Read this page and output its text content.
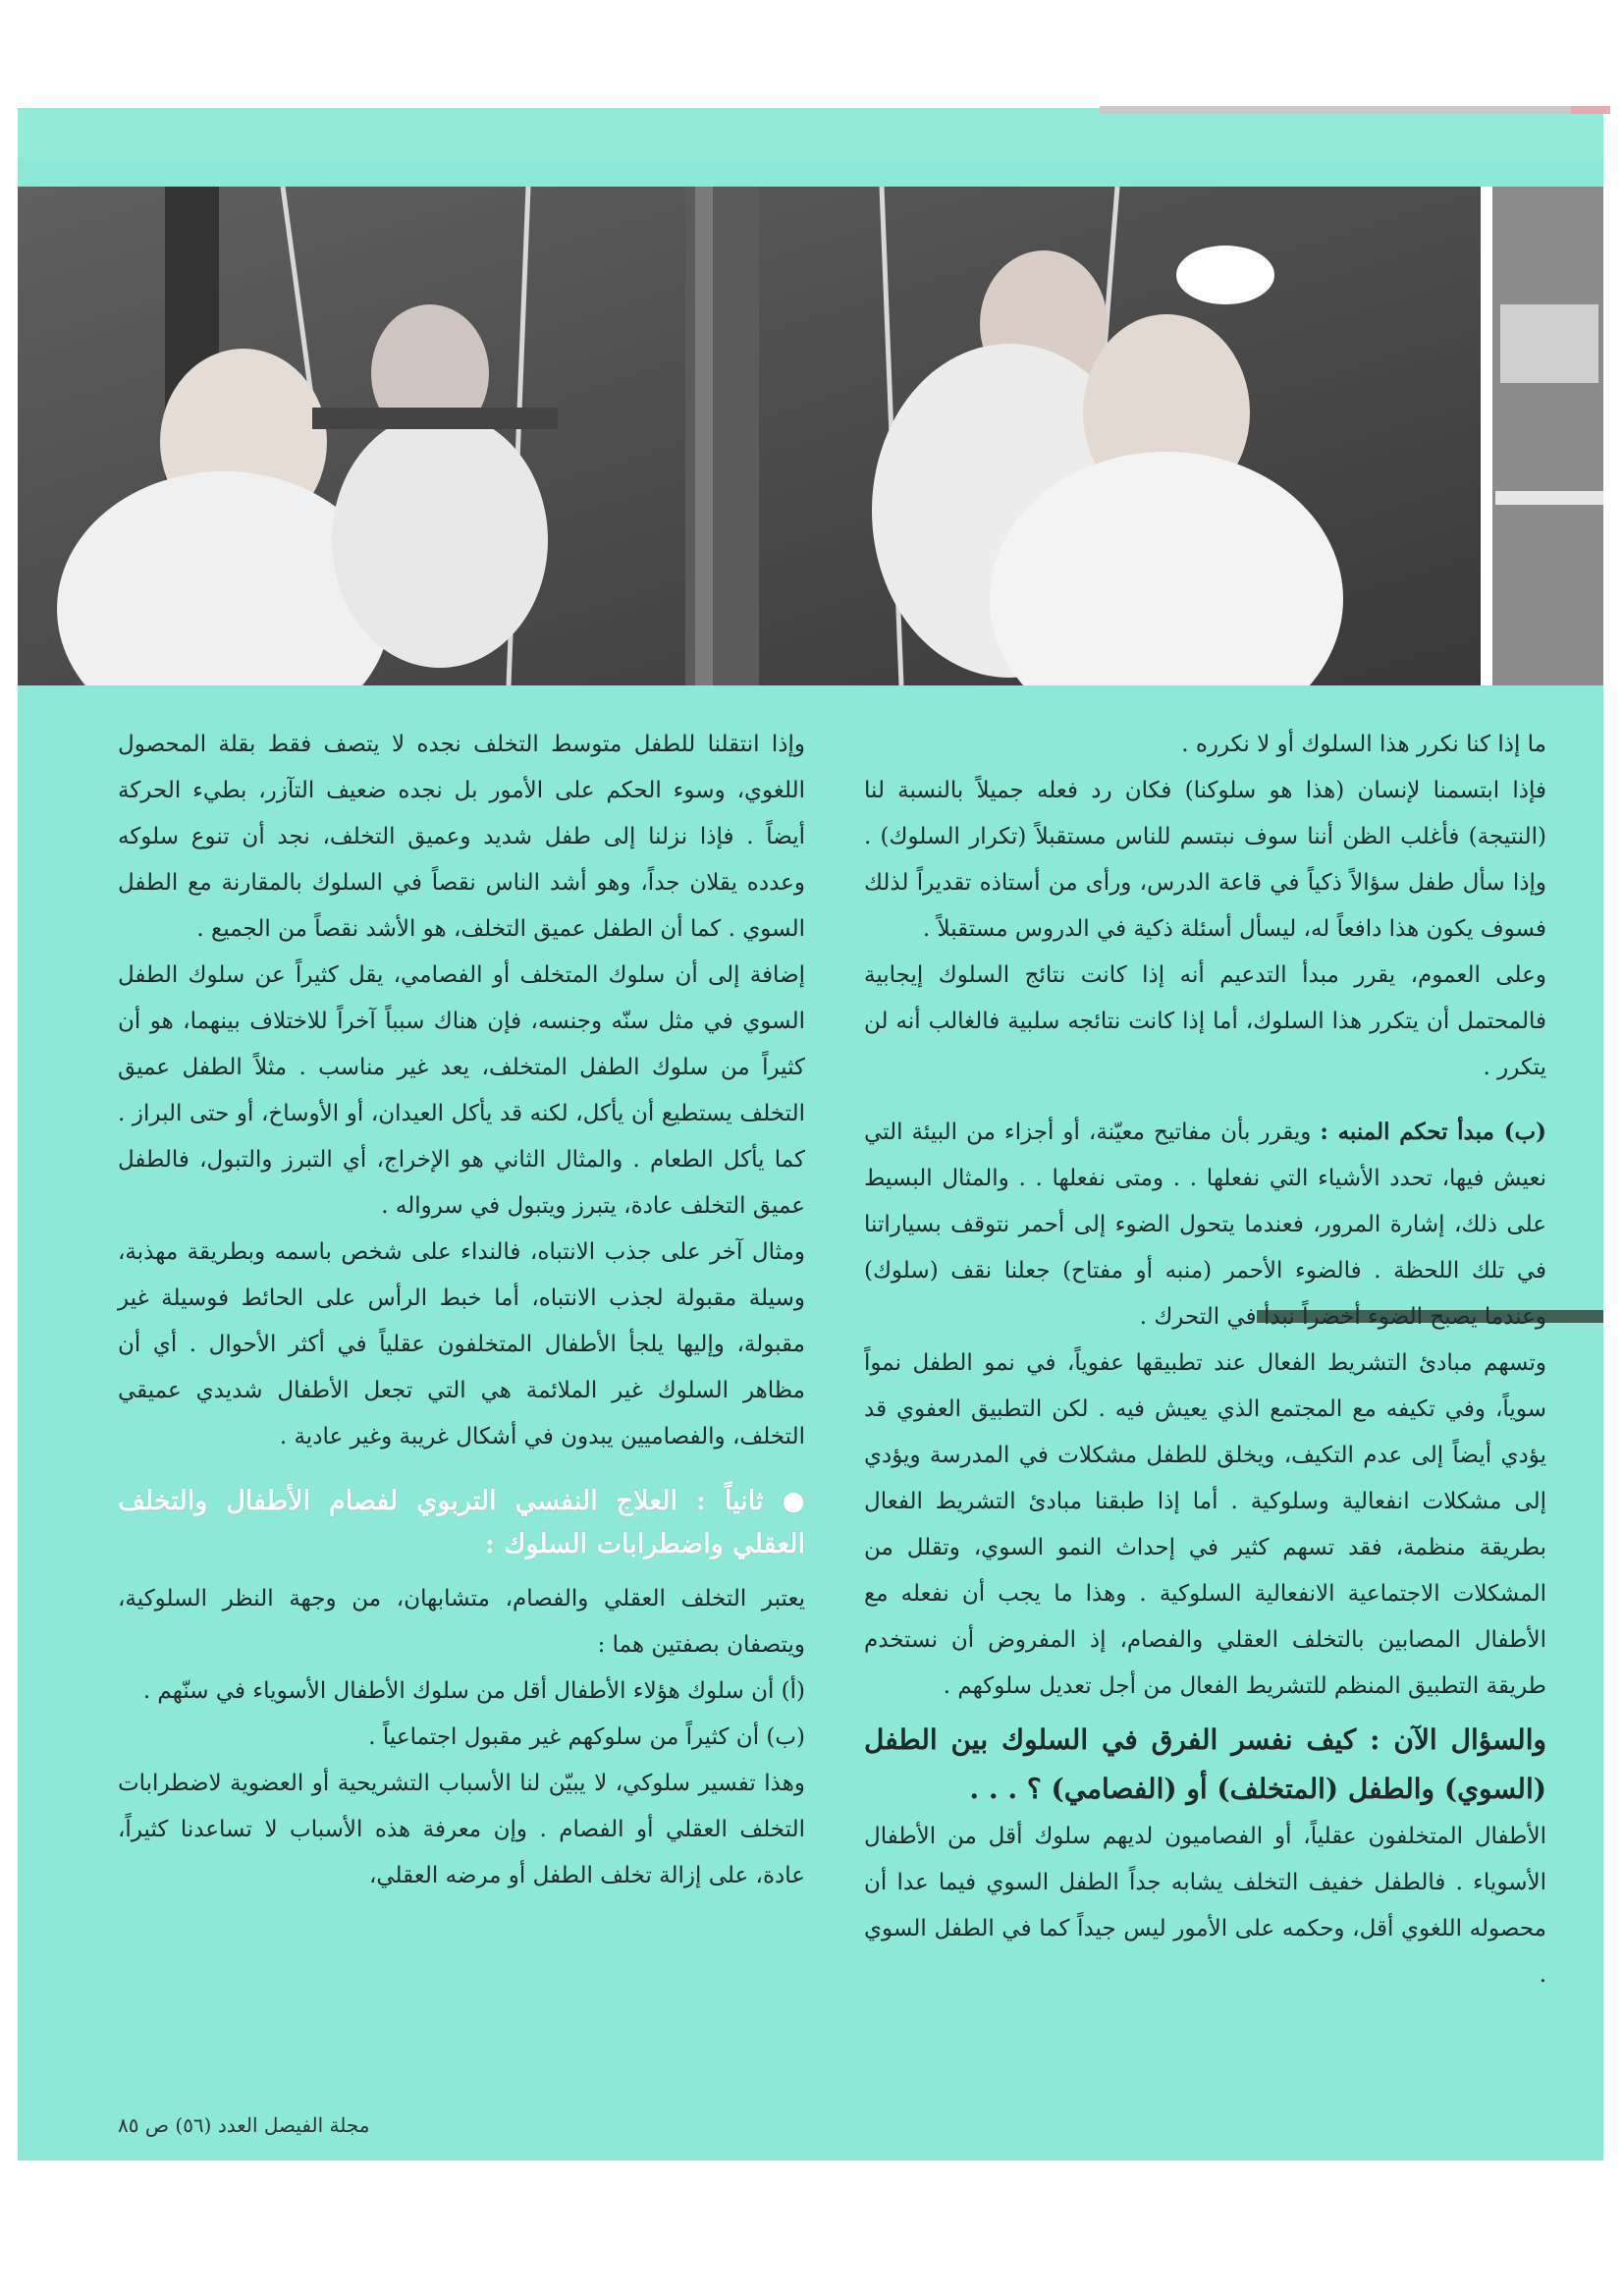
ما إذا كنا نكرر هذا السلوك أو لا نكرره .

فإذا ابتسمنا لإنسان (هذا هو سلوكنا) فكان رد فعله جميلاً بالنسبة لنا (النتيجة) فأغلب الظن أننا سوف نبتسم للناس مستقبلاً (تكرار السلوك) . وإذا سأل طفل سؤالاً ذكياً في قاعة الدرس، ورأى من أستاذه تقديراً لذلك فسوف يكون هذا دافعاً له، ليسأل أسئلة ذكية في الدروس مستقبلاً .

وعلى العموم، يقرر مبدأ التدعيم أنه إذا كانت نتائج السلوك إيجابية فالمحتمل أن يتكرر هذا السلوك، أما إذا كانت نتائجه سلبية فالغالب أنه لن يتكرر .

(ب) مبدأ تحكم المنبه : ويقرر بأن مفاتيح معيّنة، أو أجزاء من البيئة التي نعيش فيها، تحدد الأشياء التي نفعلها . . ومتى نفعلها . . والمثال البسيط على ذلك، إشارة المرور، فعندما يتحول الضوء إلى أحمر نتوقف بسياراتنا في تلك اللحظة . فالضوء الأحمر (منبه أو مفتاح) جعلنا نقف (سلوك) وعندما يصبح الضوء أخضراً نبدأ في التحرك .

وتسهم مبادئ التشريط الفعال عند تطبيقها عفوياً، في نمو الطفل نمواً سوياً، وفي تكيفه مع المجتمع الذي يعيش فيه . لكن التطبيق العفوي قد يؤدي أيضاً إلى عدم التكيف، ويخلق للطفل مشكلات في المدرسة ويؤدي إلى مشكلات انفعالية وسلوكية . أما إذا طبقنا مبادئ التشريط الفعال بطريقة منظمة، فقد تسهم كثير في إحداث النمو السوي، وتقلل من المشكلات الاجتماعية الانفعالية السلوكية . وهذا ما يجب أن نفعله مع الأطفال المصابين بالتخلف العقلي والفصام، إذ المفروض أن نستخدم طريقة التطبيق المنظم للتشريط الفعال من أجل تعديل سلوكهم .

والسؤال الآن : كيف نفسر الفرق في السلوك بين الطفل (السوي) والطفل (المتخلف) أو (الفصامي) ؟ . . .

الأطفال المتخلفون عقلياً، أو الفصاميون لديهم سلوك أقل من الأطفال الأسوياء . فالطفل خفيف التخلف يشابه جداً الطفل السوي فيما عدا أن محصوله اللغوي أقل، وحكمه على الأمور ليس جيداً كما في الطفل السوي .

وإذا انتقلنا للطفل متوسط التخلف نجده لا يتصف فقط بقلة المحصول اللغوي، وسوء الحكم على الأمور بل نجده ضعيف التآزر، بطيء الحركة أيضاً . فإذا نزلنا إلى طفل شديد وعميق التخلف، نجد أن تنوع سلوكه وعدده يقلان جداً، وهو أشد الناس نقصاً في السلوك بالمقارنة مع الطفل السوي . كما أن الطفل عميق التخلف، هو الأشد نقصاً من الجميع .

إضافة إلى أن سلوك المتخلف أو الفصامي، يقل كثيراً عن سلوك الطفل السوي في مثل سنّه وجنسه، فإن هناك سبباً آخراً للاختلاف بينهما، هو أن كثيراً من سلوك الطفل المتخلف، يعد غير مناسب . مثلاً الطفل عميق التخلف يستطيع أن يأكل، لكنه قد يأكل العيدان، أو الأوساخ، أو حتى البراز . كما يأكل الطعام . والمثال الثاني هو الإخراج، أي التبرز والتبول، فالطفل عميق التخلف عادة، يتبرز ويتبول في سرواله .

ومثال آخر على جذب الانتباه، فالنداء على شخص باسمه وبطريقة مهذبة، وسيلة مقبولة لجذب الانتباه، أما خبط الرأس على الحائط فوسيلة غير مقبولة، وإليها يلجأ الأطفال المتخلفون عقلياً في أكثر الأحوال . أي أن مظاهر السلوك غير الملائمة هي التي تجعل الأطفال شديدي عميقي التخلف، والفصاميين يبدون في أشكال غريبة وغير عادية .

● ثانياً : العلاج النفسي التربوي لفصام الأطفال والتخلف العقلي واضطرابات السلوك :

يعتبر التخلف العقلي والفصام، متشابهان، من وجهة النظر السلوكية، ويتصفان بصفتين هما :

(أ) أن سلوك هؤلاء الأطفال أقل من سلوك الأطفال الأسوياء في سنّهم .

(ب) أن كثيراً من سلوكهم غير مقبول اجتماعياً .

وهذا تفسير سلوكي، لا يبيّن لنا الأسباب التشريحية أو العضوية لاضطرابات التخلف العقلي أو الفصام . وإن معرفة هذه الأسباب لا تساعدنا كثيراً، عادة، على إزالة تخلف الطفل أو مرضه العقلي،

مجلة الفيصل العدد (٥٦) ص ٨٥
